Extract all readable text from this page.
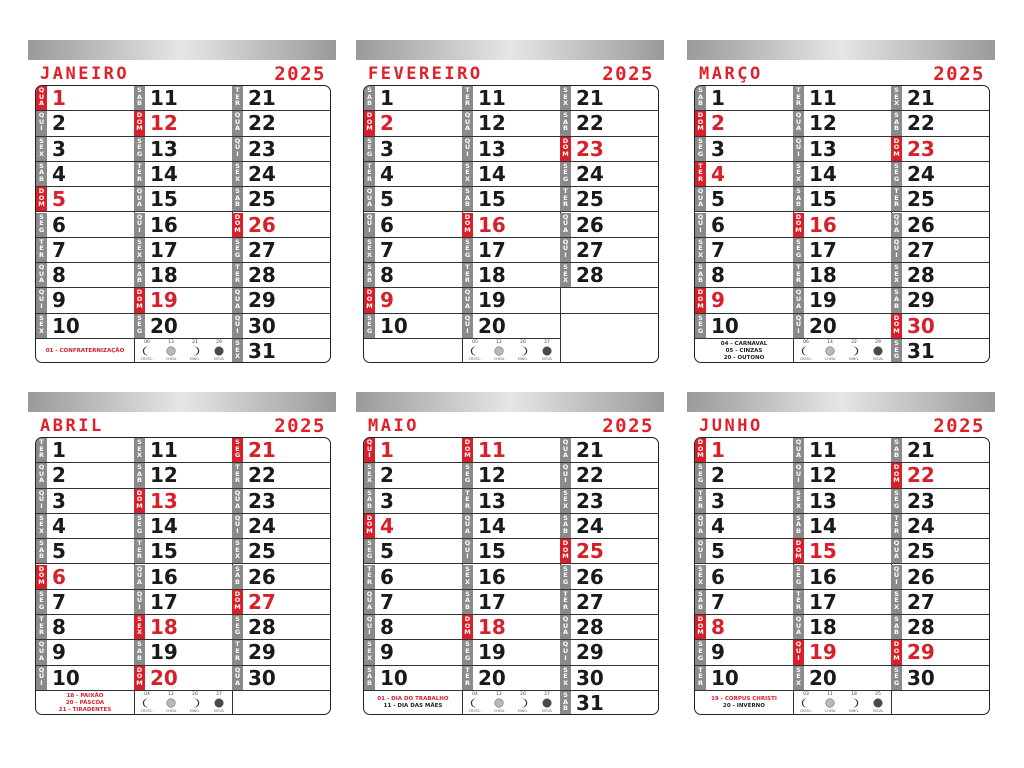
JANEIRO	2025
Q
U
A 1
Q
U
I 2
S
E
X 3
S
A
B 4
D
O
M 5
S
E
G 6
T
E
R 7
Q
U
A 8
Q
U
I 9
S
E
X 10
S
A
B 11
D
O
M 12
S
E
G 13
T
E
R 14
Q
U
A 15
Q
U
I 16
S
E
X 17
S
A
B 18
D
O
M 19
S
E
G 20
T
E
R 21
Q
U
A 22
Q
U
I 23
S
E
X 24
S
A
B 25
D
O
M 26
S
E
G 27
T
E
R 28
Q
U
A 29
Q
U
I 30
S
E
X 31
01 - CONFRATERNIZAÇÃO
06
CRESC.
13
CHEIA
21
MING.
29
NOVA
FEVEREIRO	2025
S
A
B 1
D
O
M 2
S
E
G 3
T
E
R 4
Q
U
A 5
Q
U
I 6
S
E
X 7
S
A
B 8
D
O
M 9
S
E
G 10
T
E
R 11
Q
U
A 12
Q
U
I 13
S
E
X 14
S
A
B 15
D
O
M 16
S
E
G 17
T
E
R 18
Q
U
A 19
Q
U
I 20
S
E
X 21
S
A
B 22
D
O
M 23
S
E
G 24
T
E
R 25
Q
U
A 26
Q
U
I 27
S
E
X 28
05
CRESC.
12
CHEIA
20
MING.
27
NOVA
MARÇO	2025
S
A
B 1
D
O
M 2
S
E
G 3
T
E
R 4
Q
U
A 5
Q
U
I 6
S
E
X 7
S
A
B 8
D
O
M 9
S
E
G 10
T
E
R 11
Q
U
A 12
Q
U
I 13
S
E
X 14
S
A
B 15
D
O
M 16
S
E
G 17
T
E
R 18
Q
U
A 19
Q
U
I 20
S
E
X 21
S
A
B 22
D
O
M 23
S
E
G 24
T
E
R 25
Q
U
A 26
Q
U
I 27
S
E
X 28
S
A
B 29
D
O
M 30
S
E
G 31
04 - CARNAVAL
05 - CINZAS
20 - OUTONO
06
CRESC.
14
CHEIA
22
MING.
29
NOVA
ABRIL	2025
T
E
R 1
Q
U
A 2
Q
U
I 3
S
E
X 4
S
A
B 5
D
O
M 6
S
E
G 7
T
E
R 8
Q
U
A 9
Q
U
I 10
S
E
X 11
S
A
B 12
D
O
M 13
S
E
G 14
T
E
R 15
Q
U
A 16
Q
U
I 17
S
E
X 18
S
A
B 19
D
O
M 20
S
E
G 21
T
E
R 22
Q
U
A 23
Q
U
I 24
S
E
X 25
S
A
B 26
D
O
M 27
S
E
G 28
T
E
R 29
Q
U
A 30
18 - PAIXÃO
20 - PÁSCOA
21 - TIRADENTES
04
CRESC.
12
CHEIA
20
MING.
27
NOVA
MAIO	2025
Q
U
I 1
S
E
X 2
S
A
B 3
D
O
M 4
S
E
G 5
T
E
R 6
Q
U
A 7
Q
U
I 8
S
E
X 9
S
A
B 10
D
O
M 11
S
E
G 12
T
E
R 13
Q
U
A 14
Q
U
I 15
S
E
X 16
S
A
B 17
D
O
M 18
S
E
G 19
T
E
R 20
Q
U
A 21
Q
U
I 22
S
E
X 23
S
A
B 24
D
O
M 25
S
E
G 26
T
E
R 27
Q
U
A 28
Q
U
I 29
S
E
X 30
S
A
B 31
01 - DIA DO TRABALHO
11 - DIA DAS MÃES
04
CRESC.
12
CHEIA
20
MING.
27
NOVA
JUNHO	2025
D
O
M 1
S
E
G 2
T
E
R 3
Q
U
A 4
Q
U
I 5
S
E
X 6
S
A
B 7
D
O
M 8
S
E
G 9
T
E
R 10
Q
U
A 11
Q
U
I 12
S
E
X 13
S
A
B 14
D
O
M 15
S
E
G 16
T
E
R 17
Q
U
A 18
Q
U
I 19
S
E
X 20
S
A
B 21
D
O
M 22
S
E
G 23
T
E
R 24
Q
U
A 25
Q
U
I 26
S
E
X 27
S
A
B 28
D
O
M 29
S
E
G 30
19 - CORPUS CHRISTI
20 - INVERNO
03
CRESC.
11
CHEIA
18
MING.
25
NOVA
